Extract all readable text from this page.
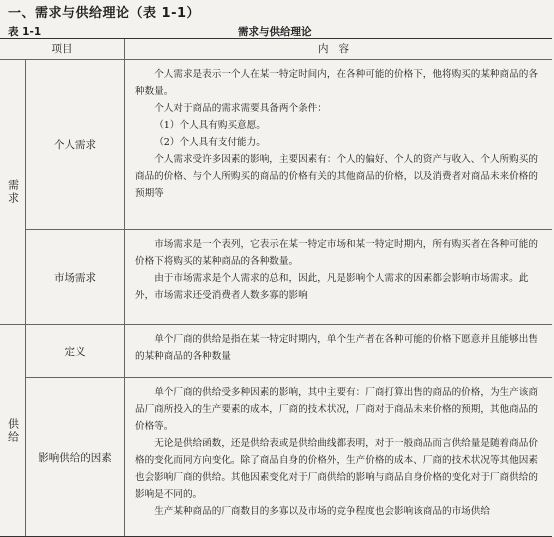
一、需求与供给理论（表 1-1）
表 1-1	需求与供给理论
项目	内容
需求
个人需求

个人需求是表示一个人在某一特定时间内，在各种可能的价格下，他将购买的某种商品的各种数量。

个人对于商品的需求需要具备两个条件：

（1）个人具有购买意愿。

（2）个人具有支付能力。

个人需求受许多因素的影响，主要因素有：个人的偏好、个人的资产与收入、个人所购买的商品的价格、与个人所购买的商品的价格有关的其他商品的价格，以及消费者对商品未来价格的预期等

市场需求

市场需求是一个表列，它表示在某一特定市场和某一特定时期内，所有购买者在各种可能的价格下将购买的某种商品的各种数量。

由于市场需求是个人需求的总和，因此，凡是影响个人需求的因素都会影响市场需求。此外，市场需求还受消费者人数多寡的影响

供给
定义

单个厂商的供给是指在某一特定时期内，单个生产者在各种可能的价格下愿意并且能够出售的某种商品的各种数量

影响供给的因素

单个厂商的供给受多种因素的影响，其中主要有：厂商打算出售的商品的价格，为生产该商品厂商所投入的生产要素的成本，厂商的技术状况，厂商对于商品未来价格的预期，其他商品的价格等。

无论是供给函数，还是供给表或是供给曲线都表明，对于一般商品而言供给量是随着商品价格的变化而同方向变化。除了商品自身的价格外，生产价格的成本、厂商的技术状况等其他因素也会影响厂商的供给。其他因素变化对于厂商供给的影响与商品自身价格的变化对于厂商供给的影响是不同的。

生产某种商品的厂商数目的多寡以及市场的竞争程度也会影响该商品的市场供给
